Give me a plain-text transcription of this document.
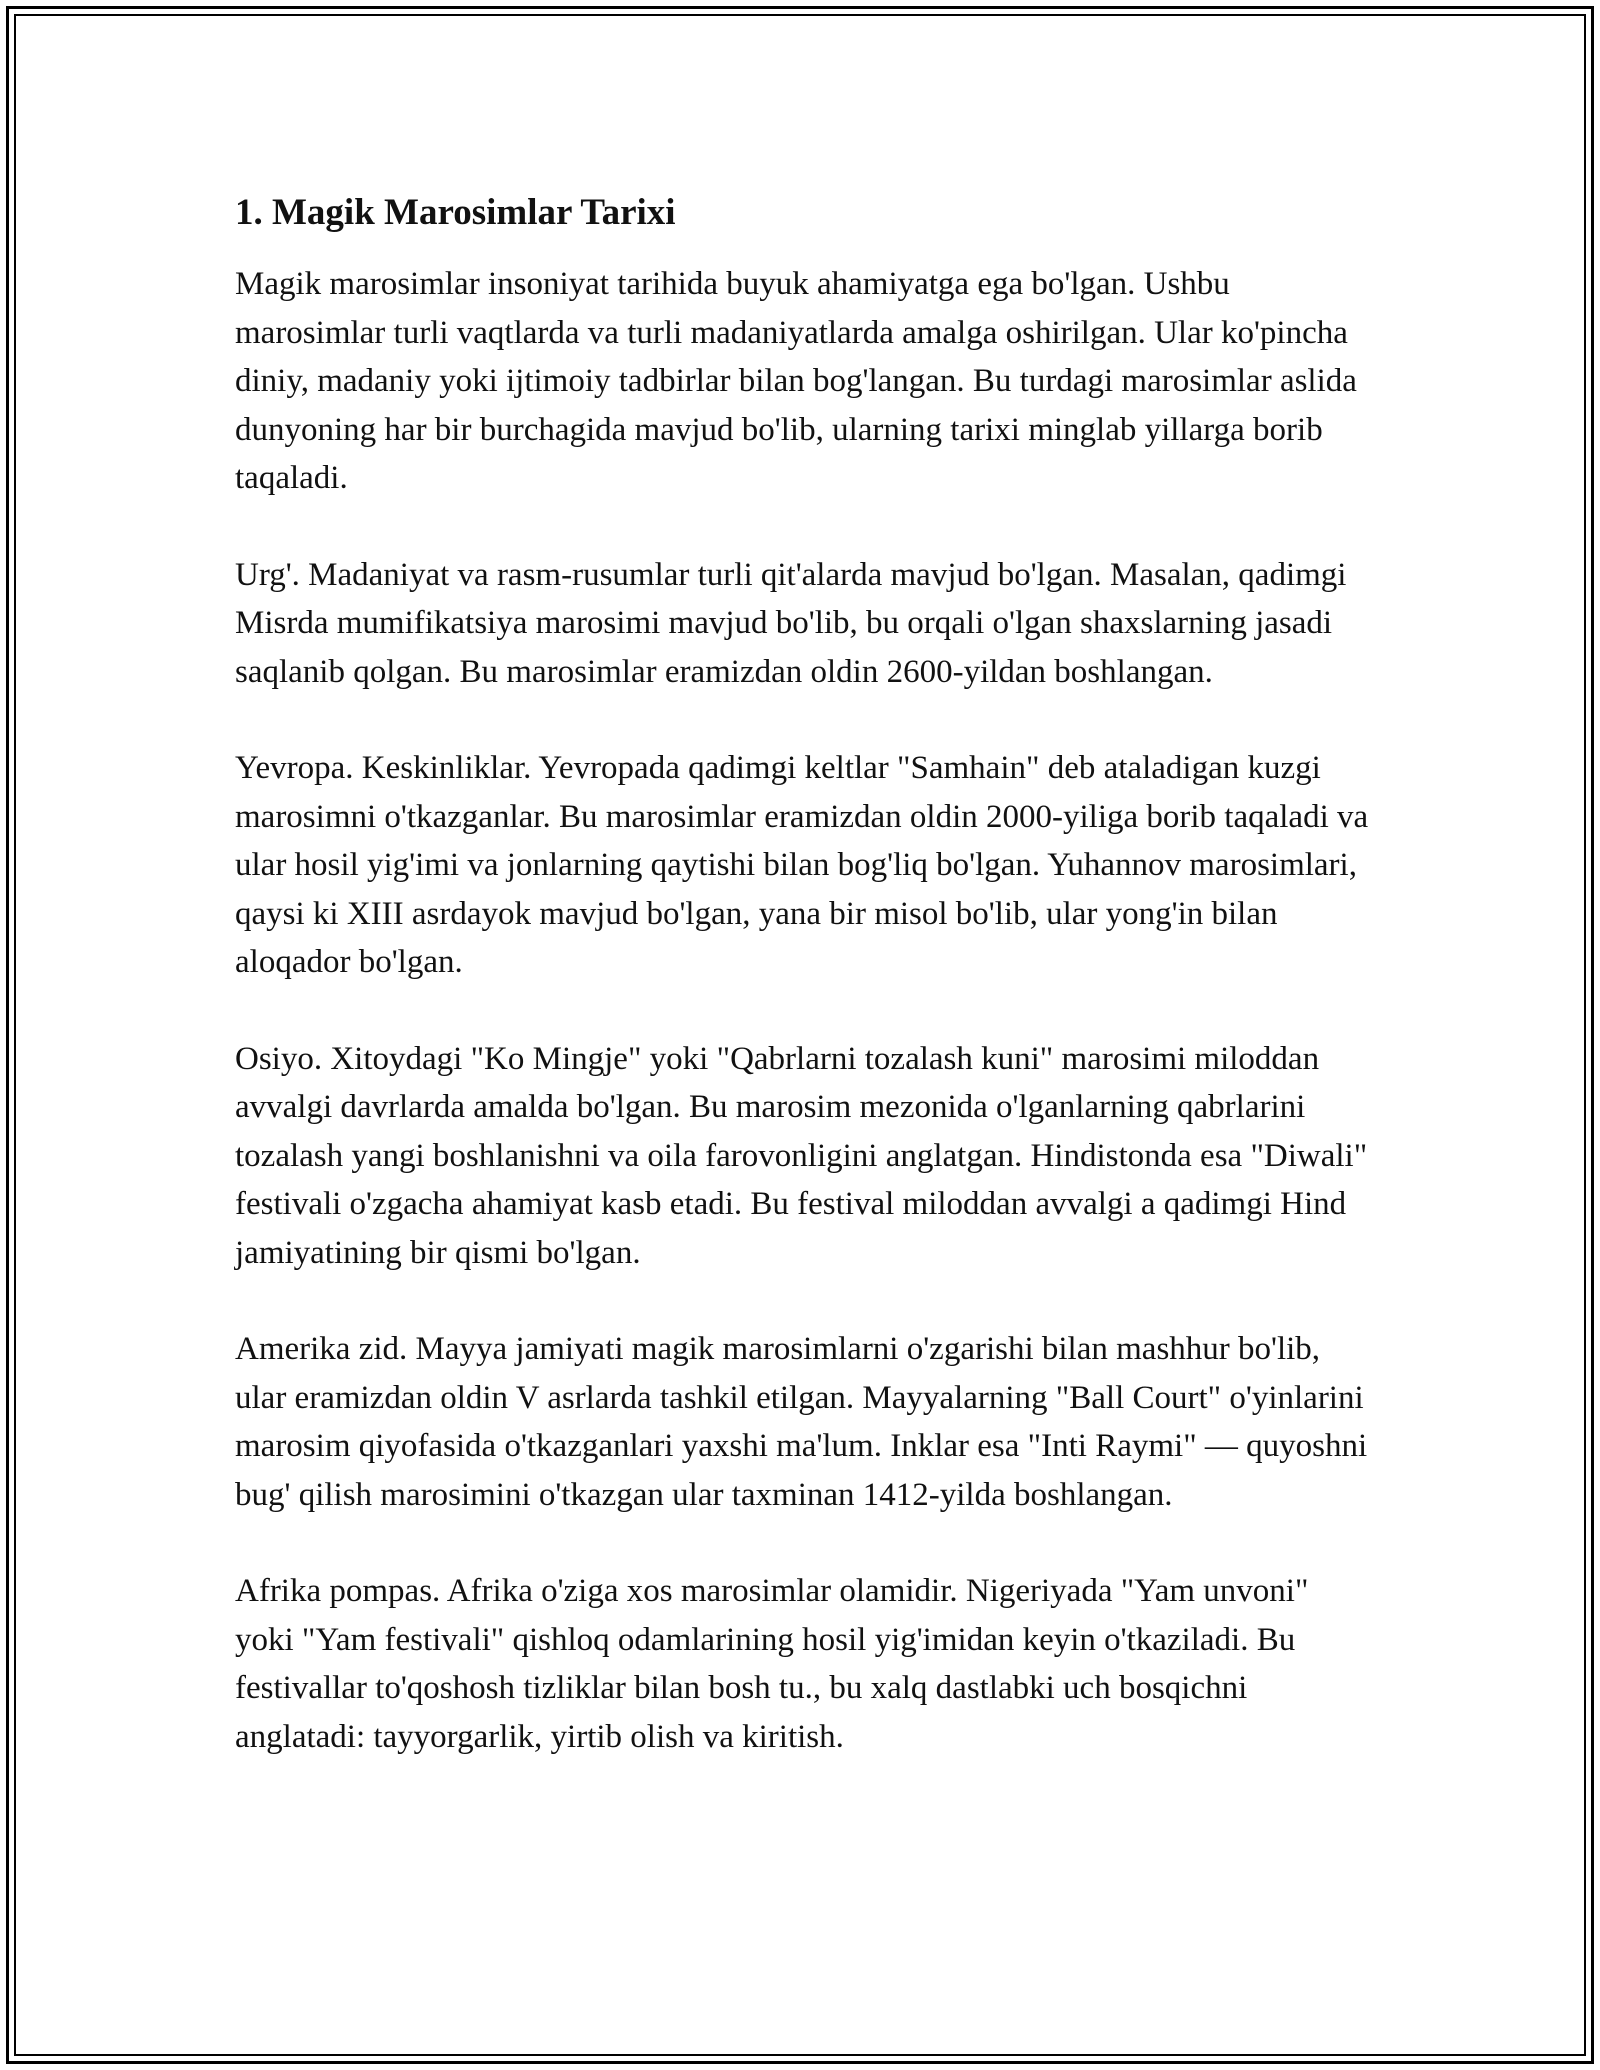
1. Magik Marosimlar Tarixi

Magik marosimlar insoniyat tarihida buyuk ahamiyatga ega bo'lgan. Ushbu marosimlar turli vaqtlarda va turli madaniyatlarda amalga oshirilgan. Ular ko'pincha diniy, madaniy yoki ijtimoiy tadbirlar bilan bog'langan. Bu turdagi marosimlar aslida dunyoning har bir burchagida mavjud bo'lib, ularning tarixi minglab yillarga borib taqaladi.

Urg'. Madaniyat va rasm-rusumlar turli qit'alarda mavjud bo'lgan. Masalan, qadimgi Misrda mumifikatsiya marosimi mavjud bo'lib, bu orqali o'lgan shaxslarning jasadi saqlanib qolgan. Bu marosimlar eramizdan oldin 2600-yildan boshlangan.

Yevropa. Keskinliklar. Yevropada qadimgi keltlar "Samhain" deb ataladigan kuzgi marosimni o'tkazganlar. Bu marosimlar eramizdan oldin 2000-yiliga borib taqaladi va ular hosil yig'imi va jonlarning qaytishi bilan bog'liq bo'lgan. Yuhannov marosimlari, qaysi ki XIII asrdayok mavjud bo'lgan, yana bir misol bo'lib, ular yong'in bilan aloqador bo'lgan.

Osiyo. Xitoydagi "Ko Mingje" yoki "Qabrlarni tozalash kuni" marosimi miloddan avvalgi davrlarda amalda bo'lgan. Bu marosim mezonida o'lganlarning qabrlarini tozalash yangi boshlanishni va oila farovonligini anglatgan. Hindistonda esa "Diwali" festivali o'zgacha ahamiyat kasb etadi. Bu festival miloddan avvalgi a qadimgi Hind jamiyatining bir qismi bo'lgan.

Amerika zid. Mayya jamiyati magik marosimlarni o'zgarishi bilan mashhur bo'lib, ular eramizdan oldin V asrlarda tashkil etilgan. Mayyalarning "Ball Court" o'yinlarini marosim qiyofasida o'tkazganlari yaxshi ma'lum. Inklar esa "Inti Raymi" — quyoshni bug' qilish marosimini o'tkazgan ular taxminan 1412-yilda boshlangan.

Afrika pompas. Afrika o'ziga xos marosimlar olamidir. Nigeriyada "Yam unvoni" yoki "Yam festivali" qishloq odamlarining hosil yig'imidan keyin o'tkaziladi. Bu festivallar to'qoshosh tizliklar bilan bosh tu., bu xalq dastlabki uch bosqichni anglatadi: tayyorgarlik, yirtib olish va kiritish.
